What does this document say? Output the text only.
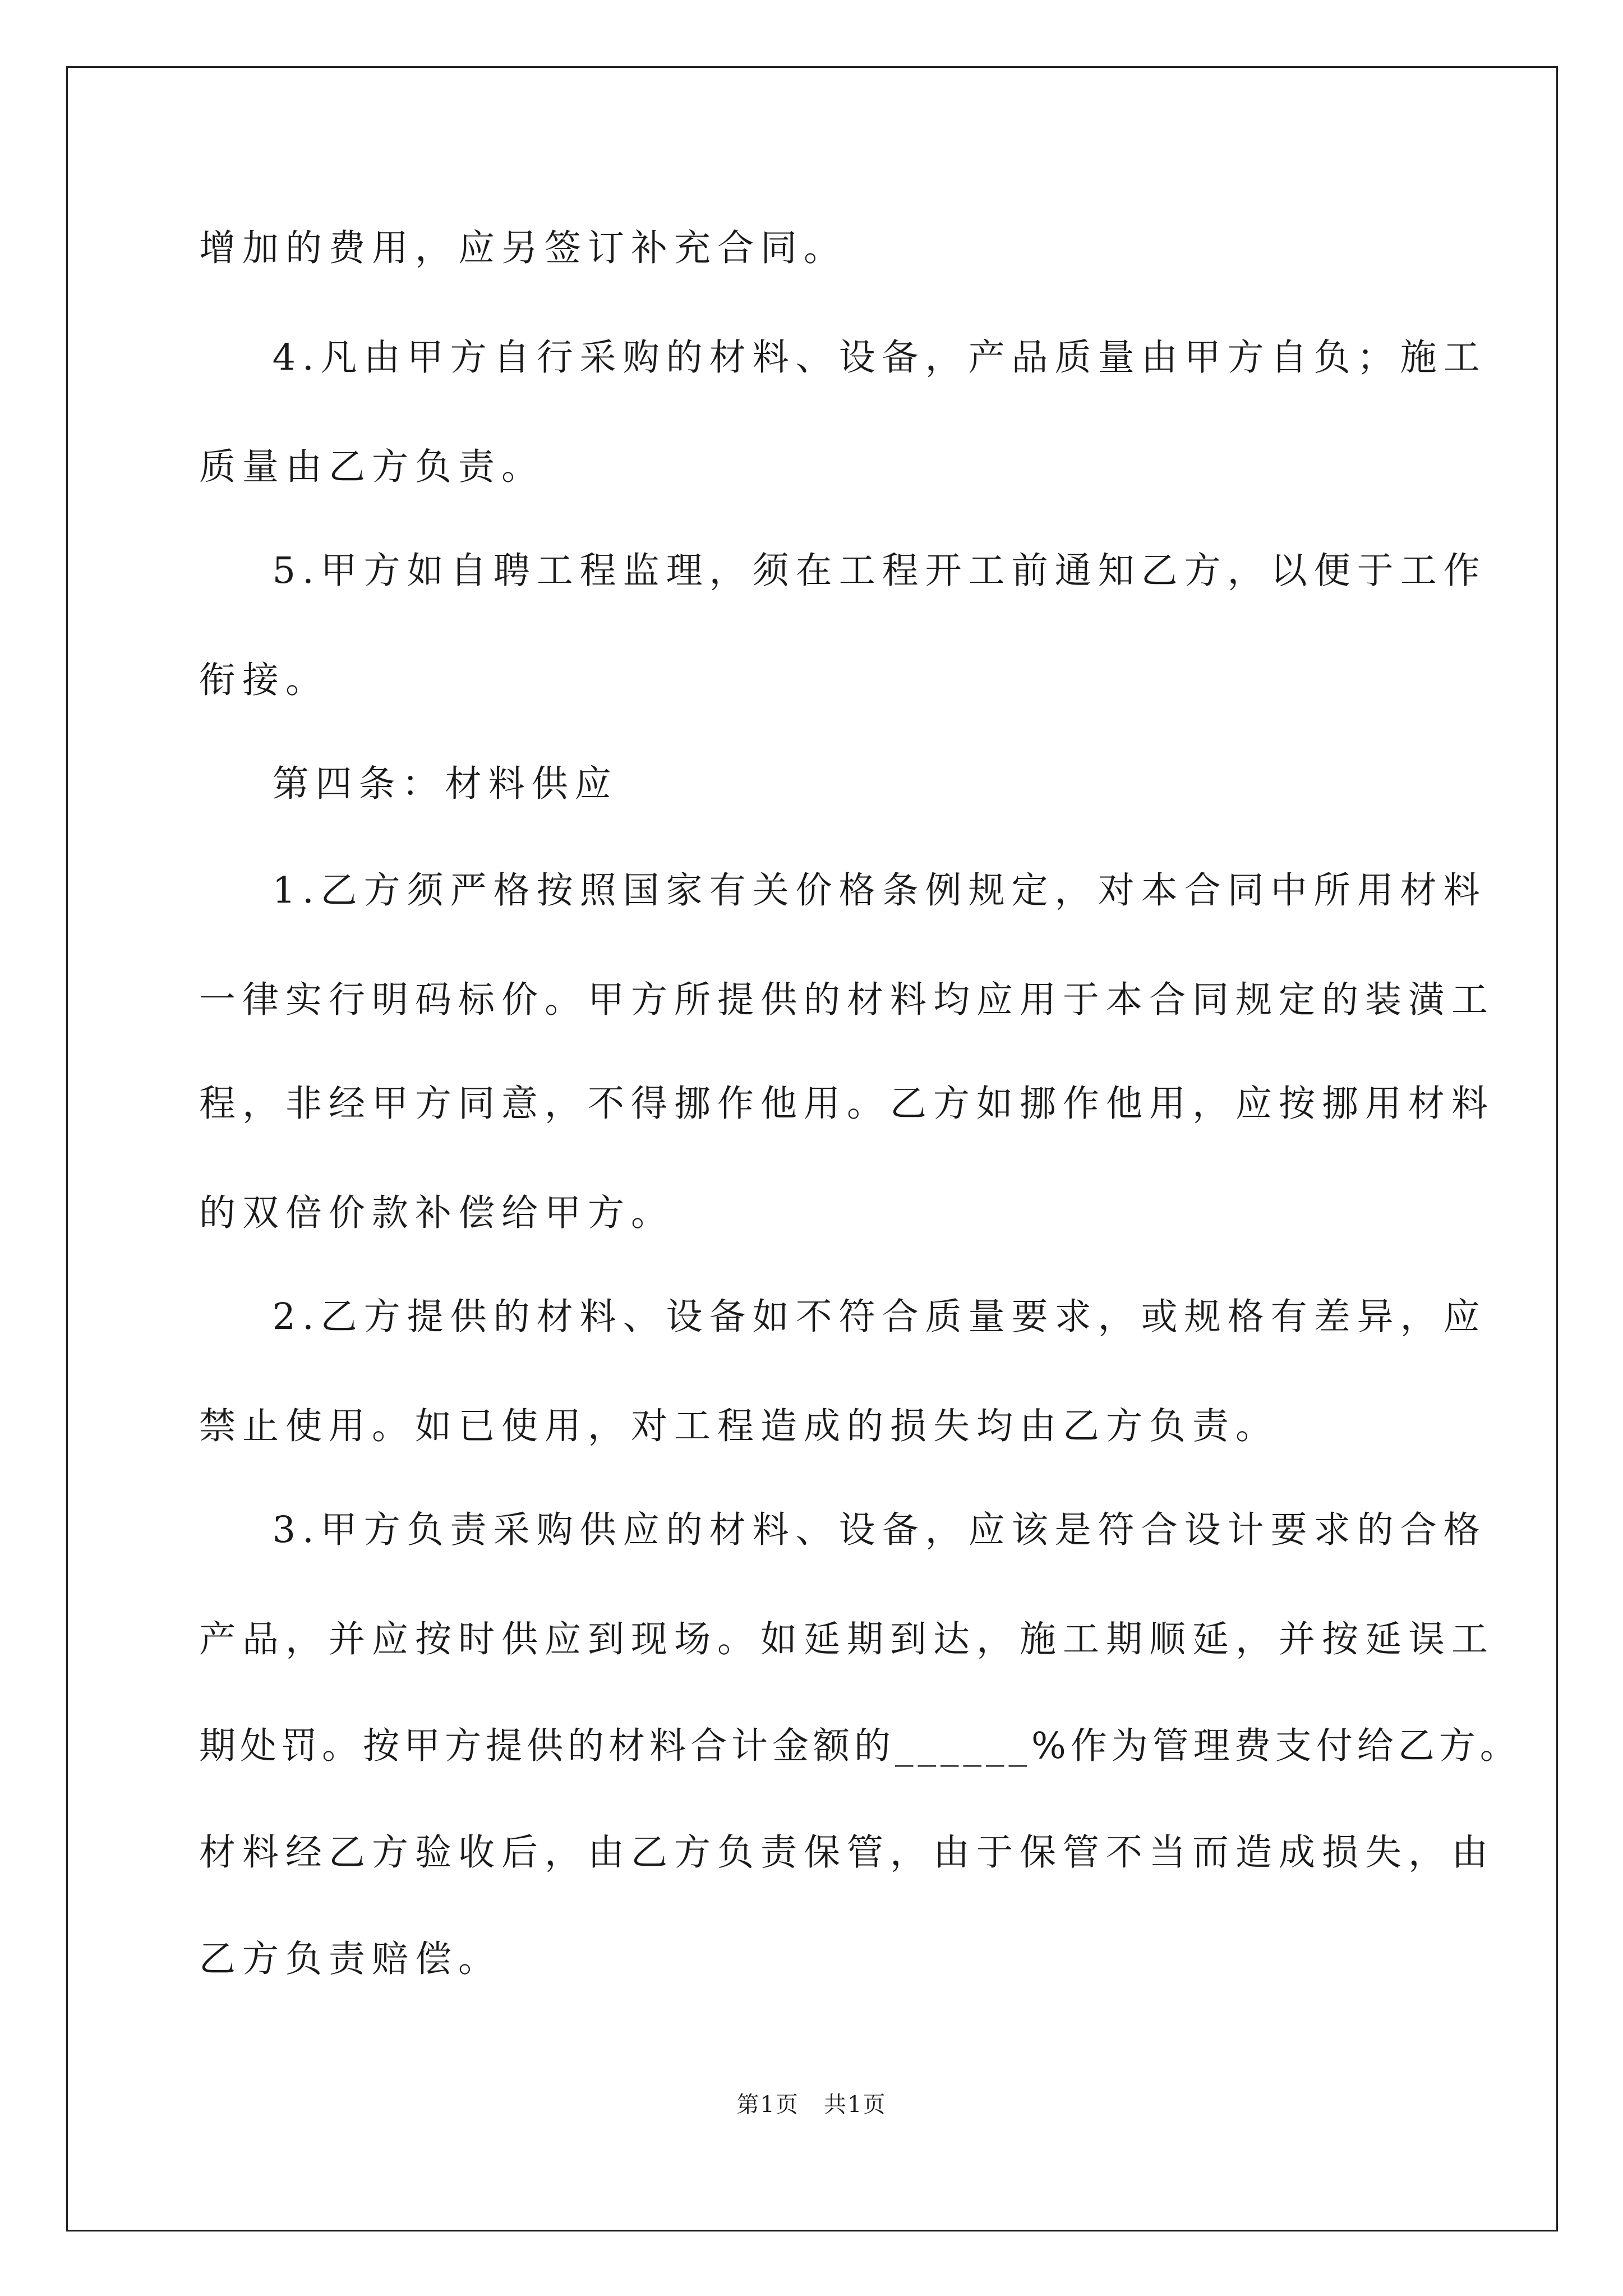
增加的费用，应另签订补充合同。
4.凡由甲方自行采购的材料、设备，产品质量由甲方自负；施工
质量由乙方负责。
5.甲方如自聘工程监理，须在工程开工前通知乙方，以便于工作
衔接。
第四条：材料供应
1.乙方须严格按照国家有关价格条例规定，对本合同中所用材料
一律实行明码标价。甲方所提供的材料均应用于本合同规定的装潢工
程，非经甲方同意，不得挪作他用。乙方如挪作他用，应按挪用材料
的双倍价款补偿给甲方。
2.乙方提供的材料、设备如不符合质量要求，或规格有差异，应
禁止使用。如已使用，对工程造成的损失均由乙方负责。
3.甲方负责采购供应的材料、设备，应该是符合设计要求的合格
产品，并应按时供应到现场。如延期到达，施工期顺延，并按延误工
期处罚。按甲方提供的材料合计金额的______%作为管理费支付给乙方。
材料经乙方验收后，由乙方负责保管，由于保管不当而造成损失，由
乙方负责赔偿。
第1页   共1页
